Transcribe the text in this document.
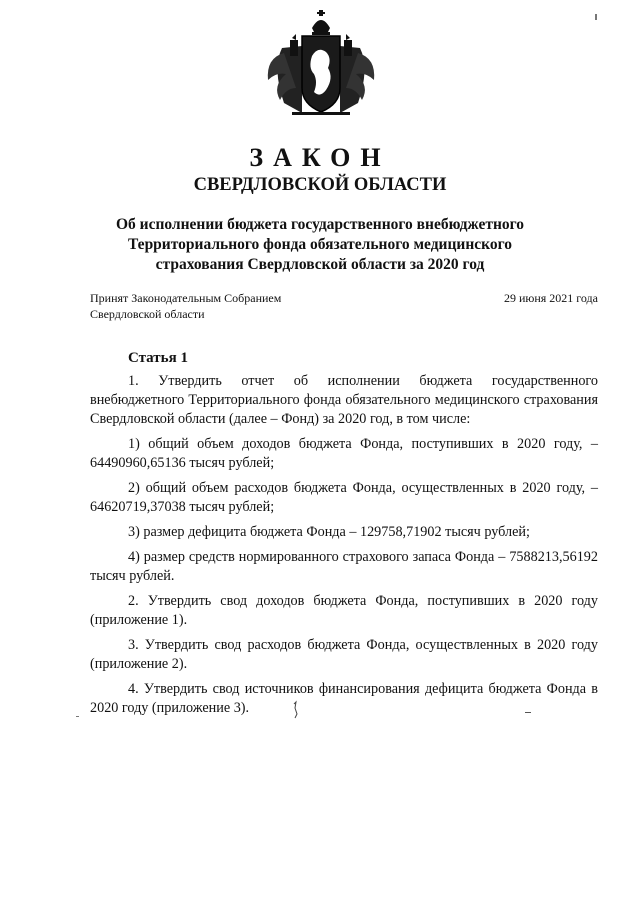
ЗАКОН
СВЕРДЛОВСКОЙ ОБЛАСТИ
Об исполнении бюджета государственного внебюджетного Территориального фонда обязательного медицинского страхования Свердловской области за 2020 год
Принят Законодательным Собранием
Свердловской области
29 июня 2021 года
Статья 1

1. Утвердить отчет об исполнении бюджета государственного внебюджетного Территориального фонда обязательного медицинского страхования Свердловской области (далее – Фонд) за 2020 год, в том числе:

1) общий объем доходов бюджета Фонда, поступивших в 2020 году, – 64490960,65136 тысяч рублей;

2) общий объем расходов бюджета Фонда, осуществленных в 2020 году, – 64620719,37038 тысяч рублей;

3) размер дефицита бюджета Фонда – 129758,71902 тысяч рублей;

4) размер средств нормированного страхового запаса Фонда – 7588213,56192 тысяч рублей.

2. Утвердить свод доходов бюджета Фонда, поступивших в 2020 году (приложение 1).

3. Утвердить свод расходов бюджета Фонда, осуществленных в 2020 году (приложение 2).

4. Утвердить свод источников финансирования дефицита бюджета Фонда в 2020 году (приложение 3).
